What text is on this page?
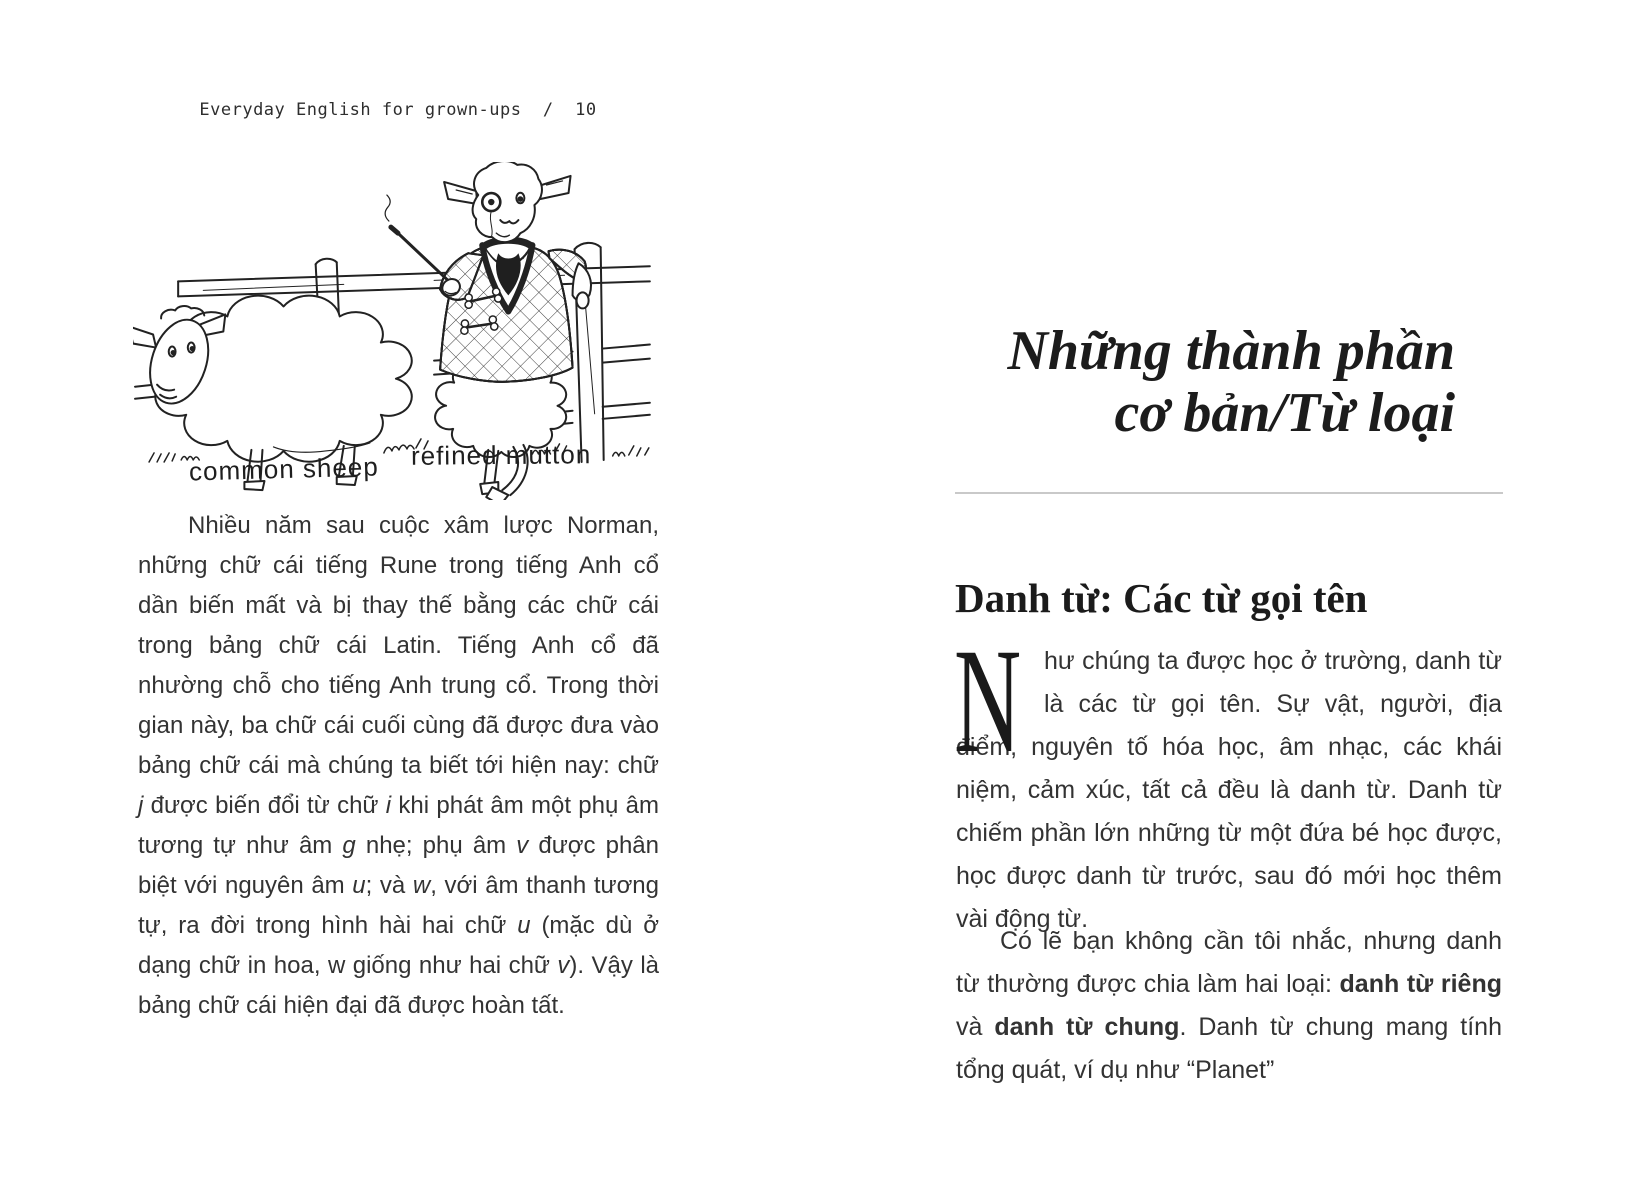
Everyday English for grown-ups  /  10
common sheep refined mutton

Nhiều năm sau cuộc xâm lược Norman, những chữ cái tiếng Rune trong tiếng Anh cổ dần biến mất và bị thay thế bằng các chữ cái trong bảng chữ cái Latin. Tiếng Anh cổ đã nhường chỗ cho tiếng Anh trung cổ. Trong thời gian này, ba chữ cái cuối cùng đã được đưa vào bảng chữ cái mà chúng ta biết tới hiện nay: chữ j được biến đổi từ chữ i khi phát âm một phụ âm tương tự như âm g nhẹ; phụ âm v được phân biệt với nguyên âm u; và w, với âm thanh tương tự, ra đời trong hình hài hai chữ u (mặc dù ở dạng chữ in hoa, w giống như hai chữ v). Vậy là bảng chữ cái hiện đại đã được hoàn tất.

Những thành phần
cơ bản/Từ loại
Danh từ: Các từ gọi tên

N hư chúng ta được học ở trường, danh từ là các từ gọi tên. Sự vật, người, địa điểm, nguyên tố hóa học, âm nhạc, các khái niệm, cảm xúc, tất cả đều là danh từ. Danh từ chiếm phần lớn những từ một đứa bé học được, học được danh từ trước, sau đó mới học thêm vài động từ.

Có lẽ bạn không cần tôi nhắc, nhưng danh từ thường được chia làm hai loại: danh từ riêng và danh từ chung. Danh từ chung mang tính tổng quát, ví dụ như “Planet”
